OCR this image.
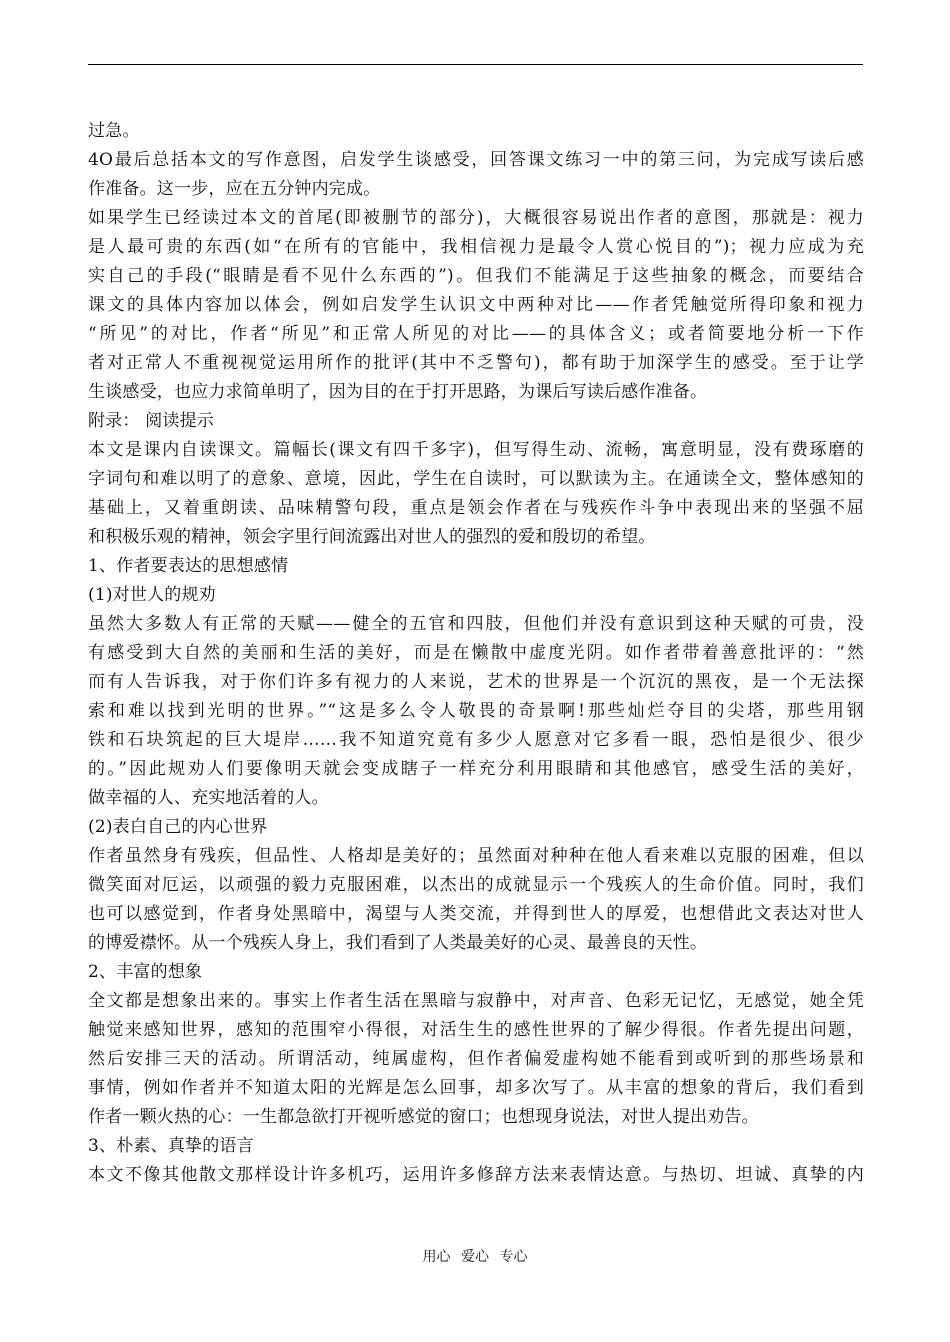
过急。
4O最后总括本文的写作意图，启发学生谈感受，回答课文练习一中的第三问，为完成写读后感
作准备。这一步，应在五分钟内完成。
如果学生已经读过本文的首尾(即被删节的部分)，大概很容易说出作者的意图，那就是：视力
是人最可贵的东西(如“在所有的官能中，我相信视力是最令人赏心悦目的”)；视力应成为充
实自己的手段(“眼睛是看不见什么东西的”)。但我们不能满足于这些抽象的概念，而要结合
课文的具体内容加以体会，例如启发学生认识文中两种对比——作者凭触觉所得印象和视力
“所见”的对比，作者“所见”和正常人所见的对比——的具体含义；或者简要地分析一下作
者对正常人不重视视觉运用所作的批评(其中不乏警句)，都有助于加深学生的感受。至于让学
生谈感受，也应力求简单明了，因为目的在于打开思路，为课后写读后感作准备。
附录： 阅读提示
本文是课内自读课文。篇幅长(课文有四千多字)，但写得生动、流畅，寓意明显，没有费琢磨的
字词句和难以明了的意象、意境，因此，学生在自读时，可以默读为主。在通读全文，整体感知的
基础上，又着重朗读、品味精警句段，重点是领会作者在与残疾作斗争中表现出来的坚强不屈
和积极乐观的精神，领会字里行间流露出对世人的强烈的爱和殷切的希望。
1、作者要表达的思想感情
(1)对世人的规劝
虽然大多数人有正常的天赋——健全的五官和四肢，但他们并没有意识到这种天赋的可贵，没
有感受到大自然的美丽和生活的美好，而是在懒散中虚度光阴。如作者带着善意批评的：“然
而有人告诉我，对于你们许多有视力的人来说，艺术的世界是一个沉沉的黑夜，是一个无法探
索和难以找到光明的世界。”“这是多么令人敬畏的奇景啊!那些灿烂夺目的尖塔，那些用钢
铁和石块筑起的巨大堤岸……我不知道究竟有多少人愿意对它多看一眼，恐怕是很少、很少
的。”因此规劝人们要像明天就会变成瞎子一样充分利用眼睛和其他感官，感受生活的美好，
做幸福的人、充实地活着的人。
(2)表白自己的内心世界
作者虽然身有残疾，但品性、人格却是美好的；虽然面对种种在他人看来难以克服的困难，但以
微笑面对厄运，以顽强的毅力克服困难，以杰出的成就显示一个残疾人的生命价值。同时，我们
也可以感觉到，作者身处黑暗中，渴望与人类交流，并得到世人的厚爱，也想借此文表达对世人
的博爱襟怀。从一个残疾人身上，我们看到了人类最美好的心灵、最善良的天性。
2、丰富的想象
全文都是想象出来的。事实上作者生活在黑暗与寂静中，对声音、色彩无记忆，无感觉，她全凭
触觉来感知世界，感知的范围窄小得很，对活生生的感性世界的了解少得很。作者先提出问题，
然后安排三天的活动。所谓活动，纯属虚构，但作者偏爱虚构她不能看到或听到的那些场景和
事情，例如作者并不知道太阳的光辉是怎么回事，却多次写了。从丰富的想象的背后，我们看到
作者一颗火热的心：一生都急欲打开视听感觉的窗口；也想现身说法，对世人提出劝告。
3、朴素、真挚的语言
本文不像其他散文那样设计许多机巧，运用许多修辞方法来表情达意。与热切、坦诚、真挚的内
用心 爱心 专心
